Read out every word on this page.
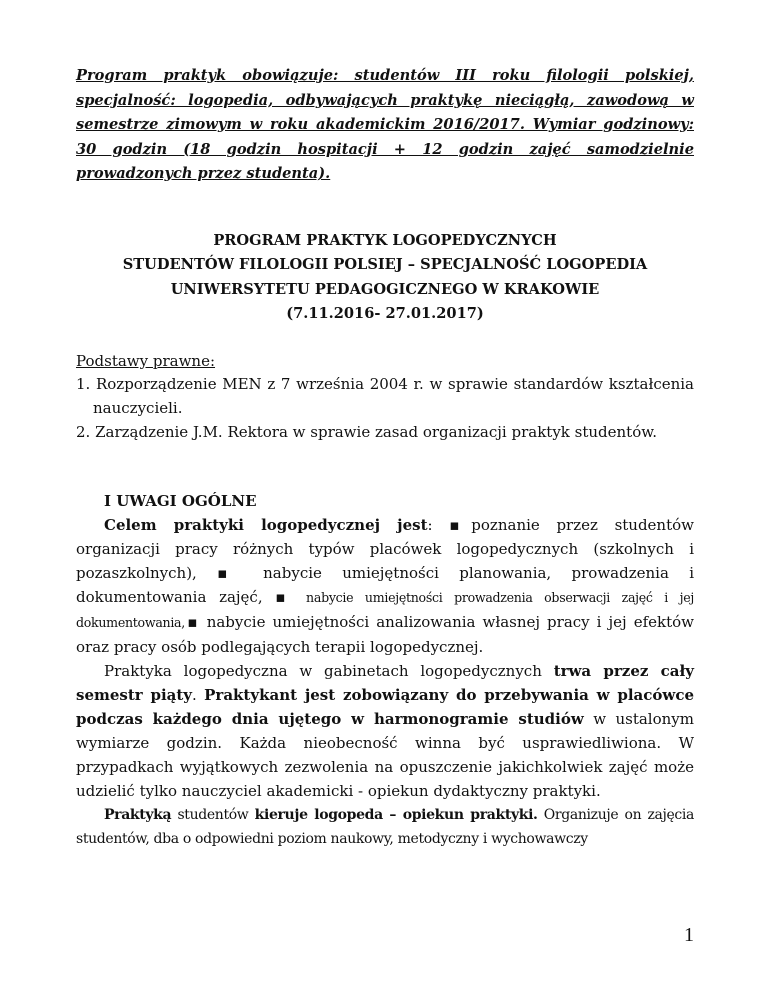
Program praktyk obowiązuje: studentów III roku filologii polskiej, specjalność: logopedia, odbywających praktykę nieciągłą, zawodową w semestrze zimowym w roku akademickim 2016/2017. Wymiar godzinowy: 30 godzin (18 godzin hospitacji + 12 godzin zajęć samodzielnie prowadzonych przez studenta).

PROGRAM PRAKTYK LOGOPEDYCZNYCH
STUDENTÓW FILOLOGII POLSIEJ – SPECJALNOŚĆ LOGOPEDIA
UNIWERSYTETU PEDAGOGICZNEGO W KRAKOWIE
(7.11.2016- 27.01.2017)
Podstawy prawne:
1. Rozporządzenie MEN z 7 września 2004 r. w sprawie standardów kształcenia nauczycieli.
2. Zarządzenie J.M. Rektora w sprawie zasad organizacji praktyk studentów.
I UWAGI OGÓLNE

Celem praktyki logopedycznej jest: ▪poznanie przez studentów organizacji pracy różnych typów placówek logopedycznych (szkolnych i pozaszkolnych), ▪ nabycie umiejętności planowania, prowadzenia i dokumentowania zajęć, ▪ nabycie umiejętności prowadzenia obserwacji zajęć i jej dokumentowania,▪ nabycie umiejętności analizowania własnej pracy i jej efektów oraz pracy osób podlegających terapii logopedycznej.

Praktyka logopedyczna w gabinetach logopedycznych trwa przez cały semestr piąty. Praktykant jest zobowiązany do przebywania w placówce podczas każdego dnia ujętego w harmonogramie studiów w ustalonym wymiarze godzin. Każda nieobecność winna być usprawiedliwiona. W przypadkach wyjątkowych zezwolenia na opuszczenie jakichkolwiek zajęć może udzielić tylko nauczyciel akademicki - opiekun dydaktyczny praktyki.

Praktyką studentów kieruje logopeda – opiekun praktyki. Organizuje on zajęcia studentów, dba o odpowiedni poziom naukowy, metodyczny i wychowawczy

1
